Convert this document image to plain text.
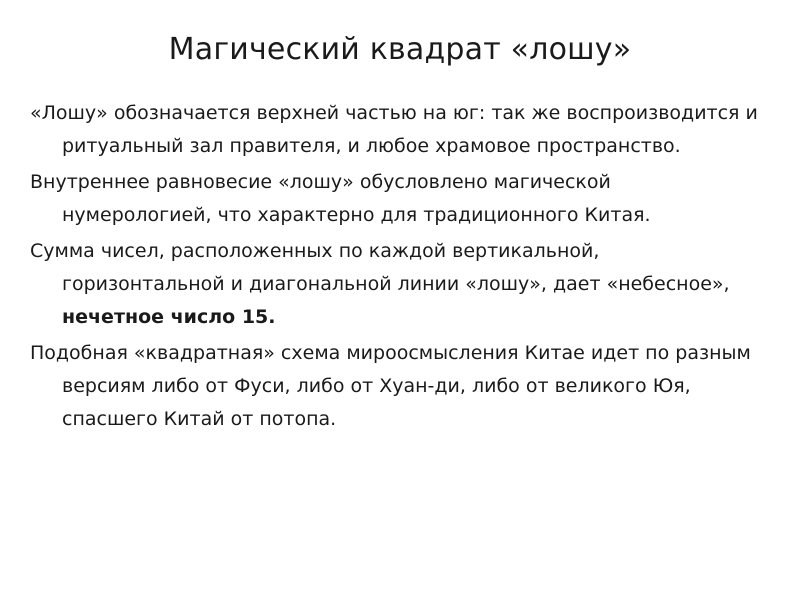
Магический квадрат «лошу»
«Лошу» обозначается верхней частью на юг: так же воспроизводится и ритуальный зал правителя, и любое храмовое пространство.
Внутреннее равновесие «лошу» обусловлено магической нумерологией, что характерно для традиционного Китая.
Сумма чисел, расположенных по каждой вертикальной, горизонтальной и диагональной линии «лошу», дает «небесное», нечетное число 15.
Подобная «квадратная» схема мироосмысления Китае идет по разным версиям либо от Фуси, либо от Хуан-ди, либо от великого Юя, спасшего Китай от потопа.
